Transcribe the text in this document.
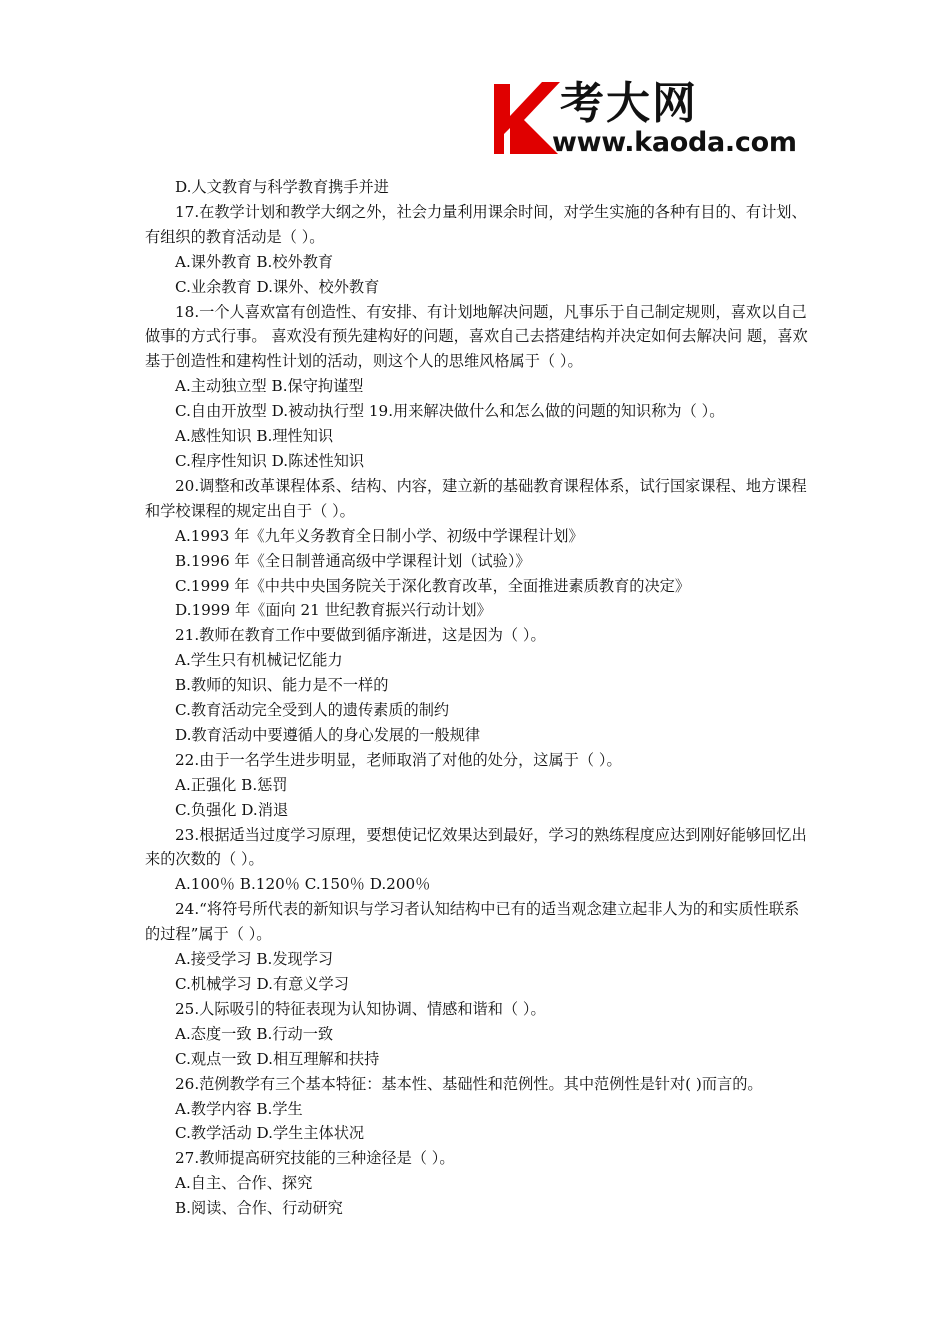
考大网
www.kaoda.com

D.人文教育与科学教育携手并进

17.在教学计划和教学大纲之外，社会力量利用课余时间，对学生实施的各种有目的、有计划、有组织的教育活动是（ ）。

A.课外教育 B.校外教育

C.业余教育 D.课外、校外教育

18.一个人喜欢富有创造性、有安排、有计划地解决问题，凡事乐于自己制定规则，喜欢以自己做事的方式行事。 喜欢没有预先建构好的问题，喜欢自己去搭建结构并决定如何去解决问 题，喜欢基于创造性和建构性计划的活动，则这个人的思维风格属于（ ）。

A.主动独立型 B.保守拘谨型

C.自由开放型 D.被动执行型 19.用来解决做什么和怎么做的问题的知识称为（ ）。

A.感性知识 B.理性知识

C.程序性知识 D.陈述性知识

20.调整和改革课程体系、结构、内容，建立新的基础教育课程体系，试行国家课程、地方课程和学校课程的规定出自于（ ）。

A.1993 年《九年义务教育全日制小学、初级中学课程计划》

B.1996 年《全日制普通高级中学课程计划（试验）》

C.1999 年《中共中央国务院关于深化教育改革，全面推进素质教育的决定》

D.1999 年《面向 21 世纪教育振兴行动计划》

21.教师在教育工作中要做到循序渐进，这是因为（ ）。

A.学生只有机械记忆能力

B.教师的知识、能力是不一样的

C.教育活动完全受到人的遗传素质的制约

D.教育活动中要遵循人的身心发展的一般规律

22.由于一名学生进步明显，老师取消了对他的处分，这属于（ ）。

A.正强化 B.惩罚

C.负强化 D.消退

23.根据适当过度学习原理，要想使记忆效果达到最好，学习的熟练程度应达到刚好能够回忆出来的次数的（ ）。

A.100％ B.120％ C.150％ D.200％

24.“将符号所代表的新知识与学习者认知结构中已有的适当观念建立起非人为的和实质性联系的过程”属于（ ）。

A.接受学习 B.发现学习

C.机械学习 D.有意义学习

25.人际吸引的特征表现为认知协调、情感和谐和（ ）。

A.态度一致 B.行动一致

C.观点一致 D.相互理解和扶持

26.范例教学有三个基本特征：基本性、基础性和范例性。其中范例性是针对( )而言的。

A.教学内容 B.学生

C.教学活动 D.学生主体状况

27.教师提高研究技能的三种途径是（ ）。

A.自主、合作、探究

B.阅读、合作、行动研究
